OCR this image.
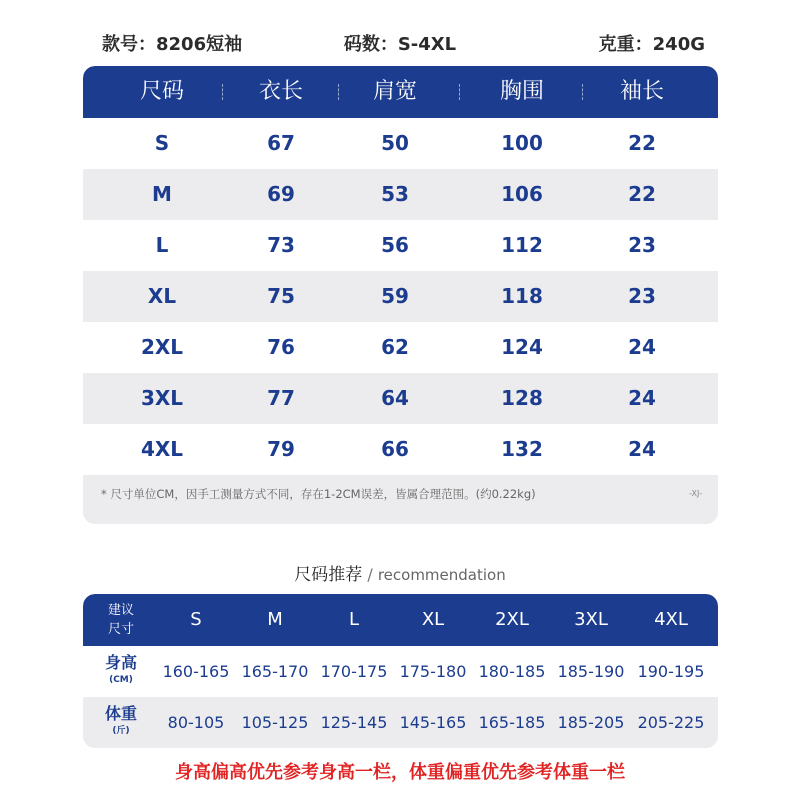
款号：8206短袖	码数：S-4XL	克重：240G
尺码	衣长	肩宽	胸围	袖长
S	67	50	100	22
M	69	53	106	22
L	73	56	112	23
XL	75	59	118	23
2XL	76	62	124	24
3XL	77	64	128	24
4XL	79	66	132	24
* 尺寸单位CM，因手工测量方式不同，存在1-2CM误差，皆属合理范围。(约0.22kg)	-XJ-
尺码推荐 / recommendation
建议
尺寸	S	M	L	XL	2XL	3XL	4XL
身高
(CM)	160-165 165-170 170-175 175-180 180-185 185-190 190-195
体重
(斤)	80-105	105-125 125-145 145-165 165-185 185-205 205-225
身高偏高优先参考身高一栏，体重偏重优先参考体重一栏
